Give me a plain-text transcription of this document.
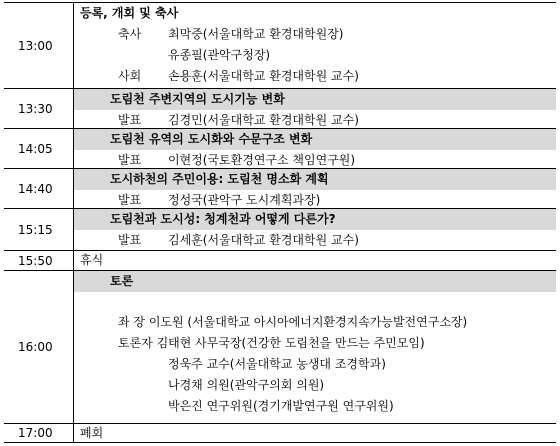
13:00
등록, 개회 및 축사
축사 최막중(서울대학교 환경대학원장)
유종필(관악구청장)
사회 손용훈(서울대학교 환경대학원 교수)
13:30
도림천 주변지역의 도시기능 변화
발표 김경민(서울대학교 환경대학원 교수)
14:05
도림천 유역의 도시화와 수문구조 변화
발표 이현정(국토환경연구소 책임연구원)
14:40
도시하천의 주민이용: 도림천 명소화 계획
발표 정성국(관악구 도시계획과장)
15:15
도림천과 도시성: 청계천과 어떻게 다른가?
발표 김세훈(서울대학교 환경대학원 교수)
15:50	휴식
16:00
토론
좌 장 이도원 (서울대학교 아시아에너지환경지속가능발전연구소장)
토론자 김태현 사무국장(건강한 도림천을 만드는 주민모임)
정욱주 교수(서울대학교 농생대 조경학과)
나경채 의원(관악구의회 의원)
박은진 연구위원(경기개발연구원 연구위원)
17:00	폐회
